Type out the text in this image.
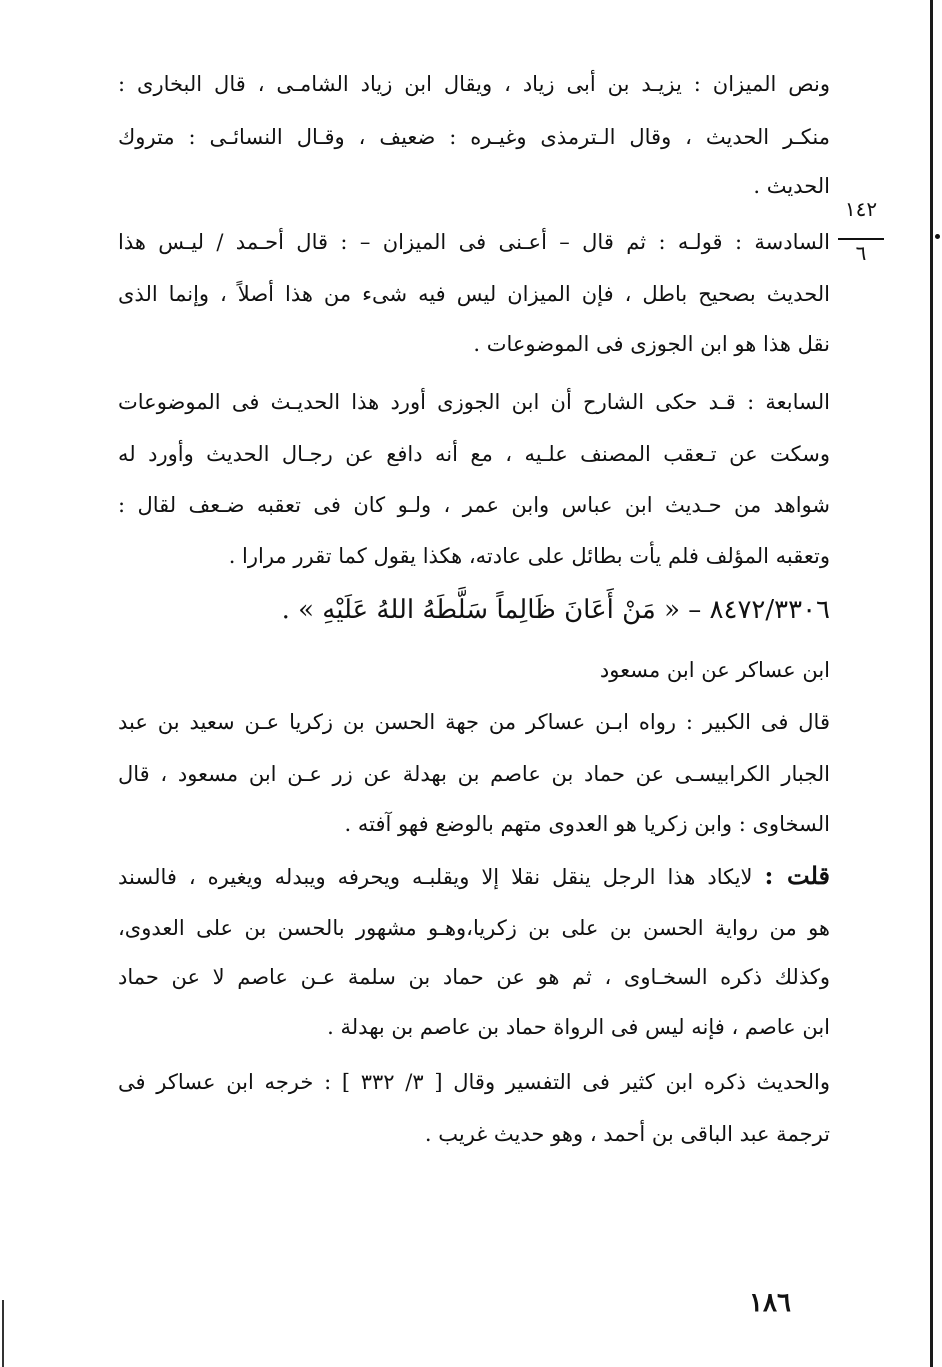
١٤٢
٦
ونص الميزان : يزيـد بن أبى زياد ، ويقال ابن زياد الشامـى ، قال البخارى :
منكـر الحديث ، وقال الـترمذى وغيـره : ضعيف ، وقـال النسائـى : متروك
الحديث .
السادسة : قولـه : ثم قال – أعـنى فى الميزان – : قال أحـمد / ليـس هذا
الحديث بصحيح باطل ، فإن الميزان ليس فيه شىء من هذا أصلاً ، وإنما الذى
نقل هذا هو ابن الجوزى فى الموضوعات .
السابعة : قـد حكى الشارح أن ابن الجوزى أورد هذا الحديـث فى الموضوعات
وسكت عن تـعقب المصنف علـيه ، مع أنه دافع عن رجـال الحديث وأورد له
شواهد من حـديث ابن عباس وابن عمر ، ولـو كان فى تعقبه ضـعف لقال :
وتعقبه المؤلف فلم يأت بطائل على عادته، هكذا يقول كما تقرر مرارا .
٨٤٧٢/٣٣٠٦ – « مَنْ أَعَانَ ظَالِماً سَلَّطَهُ اللهُ عَلَيْهِ » .
ابن عساكر عن ابن مسعود
قال فى الكبير : رواه ابـن عساكر من جهة الحسن بن زكريا عـن سعيد بن عبد
الجبار الكرابيسـى عن حماد بن عاصم بن بهدلة عن زر عـن ابن مسعود ، قال
السخاوى : وابن زكريا هو العدوى متهم بالوضع فهو آفته .
قلت : لايكاد هذا الرجل ينقل نقلا إلا ويقلبـه ويحرفه ويبدله ويغيره ، فالسند
هو من رواية الحسن بن على بن زكريا،وهـو مشهور بالحسن بن على العدوى،
وكذلك ذكره السخـاوى ، ثم هو عن حماد بن سلمة عـن عاصم لا عن حماد
ابن عاصم ، فإنه ليس فى الرواة حماد بن عاصم بن بهدلة .
والحديث ذكره ابن كثير فى التفسير وقال [ ٣/ ٣٣٢ ] : خرجه ابن عساكر فى
ترجمة عبد الباقى بن أحمد ، وهو حديث غريب .
١٨٦
